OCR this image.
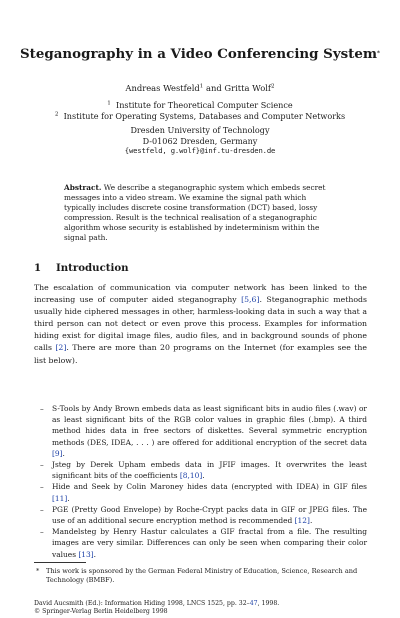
Steganography in a Video Conferencing System*
Andreas Westfeld$^1$ and Gritta Wolf$^2$
$^1$ Institute for Theoretical Computer Science
$^2$ Institute for Operating Systems, Databases and Computer Networks
Dresden University of Technology
D-01062 Dresden, Germany
{westfeld, g.wolf}@inf.tu-dresden.de
Abstract. We describe a steganographic system which embeds secret messages into a video stream. We examine the signal path which typically includes discrete cosine transformation (DCT) based, lossy compression. Result is the technical realisation of a steganographic algorithm whose security is established by indeterminism within the signal path.
1 Introduction
The escalation of communication via computer network has been linked to the increasing use of computer aided steganography [5,6]. Steganographic methods usually hide ciphered messages in other, harmless-looking data in such a way that a third person can not detect or even prove this process. Examples for information hiding exist for digital image files, audio files, and in background sounds of phone calls [2]. There are more than 20 programs on the Internet (for examples see the list below).
– S-Tools by Andy Brown embeds data as least significant bits in audio files (.wav) or as least significant bits of the RGB color values in graphic files (.bmp). A third method hides data in free sectors of diskettes. Several symmetric encryption methods (DES, IDEA, . . . ) are offered for additional encryption of the secret data [9].
– Jsteg by Derek Upham embeds data in JFIF images. It overwrites the least significant bits of the coefficients [8,10].
– Hide and Seek by Colin Maroney hides data (encrypted with IDEA) in GIF files [11].
– PGE (Pretty Good Envelope) by Roche-Crypt packs data in GIF or JPEG files. The use of an additional secure encryption method is recommended [12].
– Mandelsteg by Henry Hastur calculates a GIF fractal from a file. The resulting images are very similar. Differences can only be seen when comparing their color values [13].
*	This work is sponsored by the German Federal Ministry of Education, Science, Research and Technology (BMBF).
David Aucsmith (Ed.): Information Hiding 1998, LNCS 1525, pp. 32–47, 1998.
© Springer-Verlag Berlin Heidelberg 1998
